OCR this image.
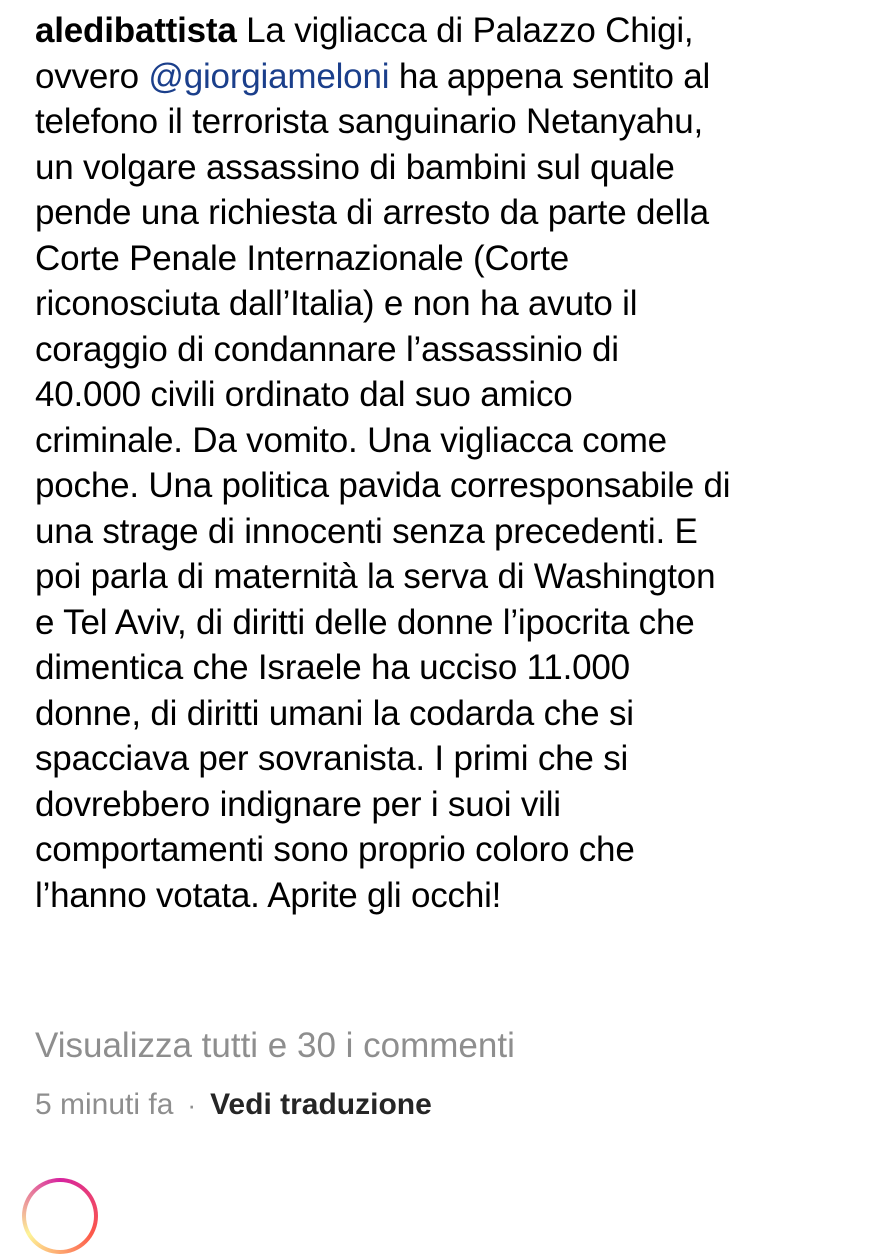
aledibattista La vigliacca di Palazzo Chigi,
ovvero @giorgiameloni ha appena sentito al
telefono il terrorista sanguinario Netanyahu,
un volgare assassino di bambini sul quale
pende una richiesta di arresto da parte della
Corte Penale Internazionale (Corte
riconosciuta dall’Italia) e non ha avuto il
coraggio di condannare l’assassinio di
40.000 civili ordinato dal suo amico
criminale. Da vomito. Una vigliacca come
poche. Una politica pavida corresponsabile di
una strage di innocenti senza precedenti. E
poi parla di maternità la serva di Washington
e Tel Aviv, di diritti delle donne l’ipocrita che
dimentica che Israele ha ucciso 11.000
donne, di diritti umani la codarda che si
spacciava per sovranista. I primi che si
dovrebbero indignare per i suoi vili
comportamenti sono proprio coloro che
l’hanno votata. Aprite gli occhi!

Visualizza tutti e 30 i commenti
5 minuti fa · Vedi traduzione
